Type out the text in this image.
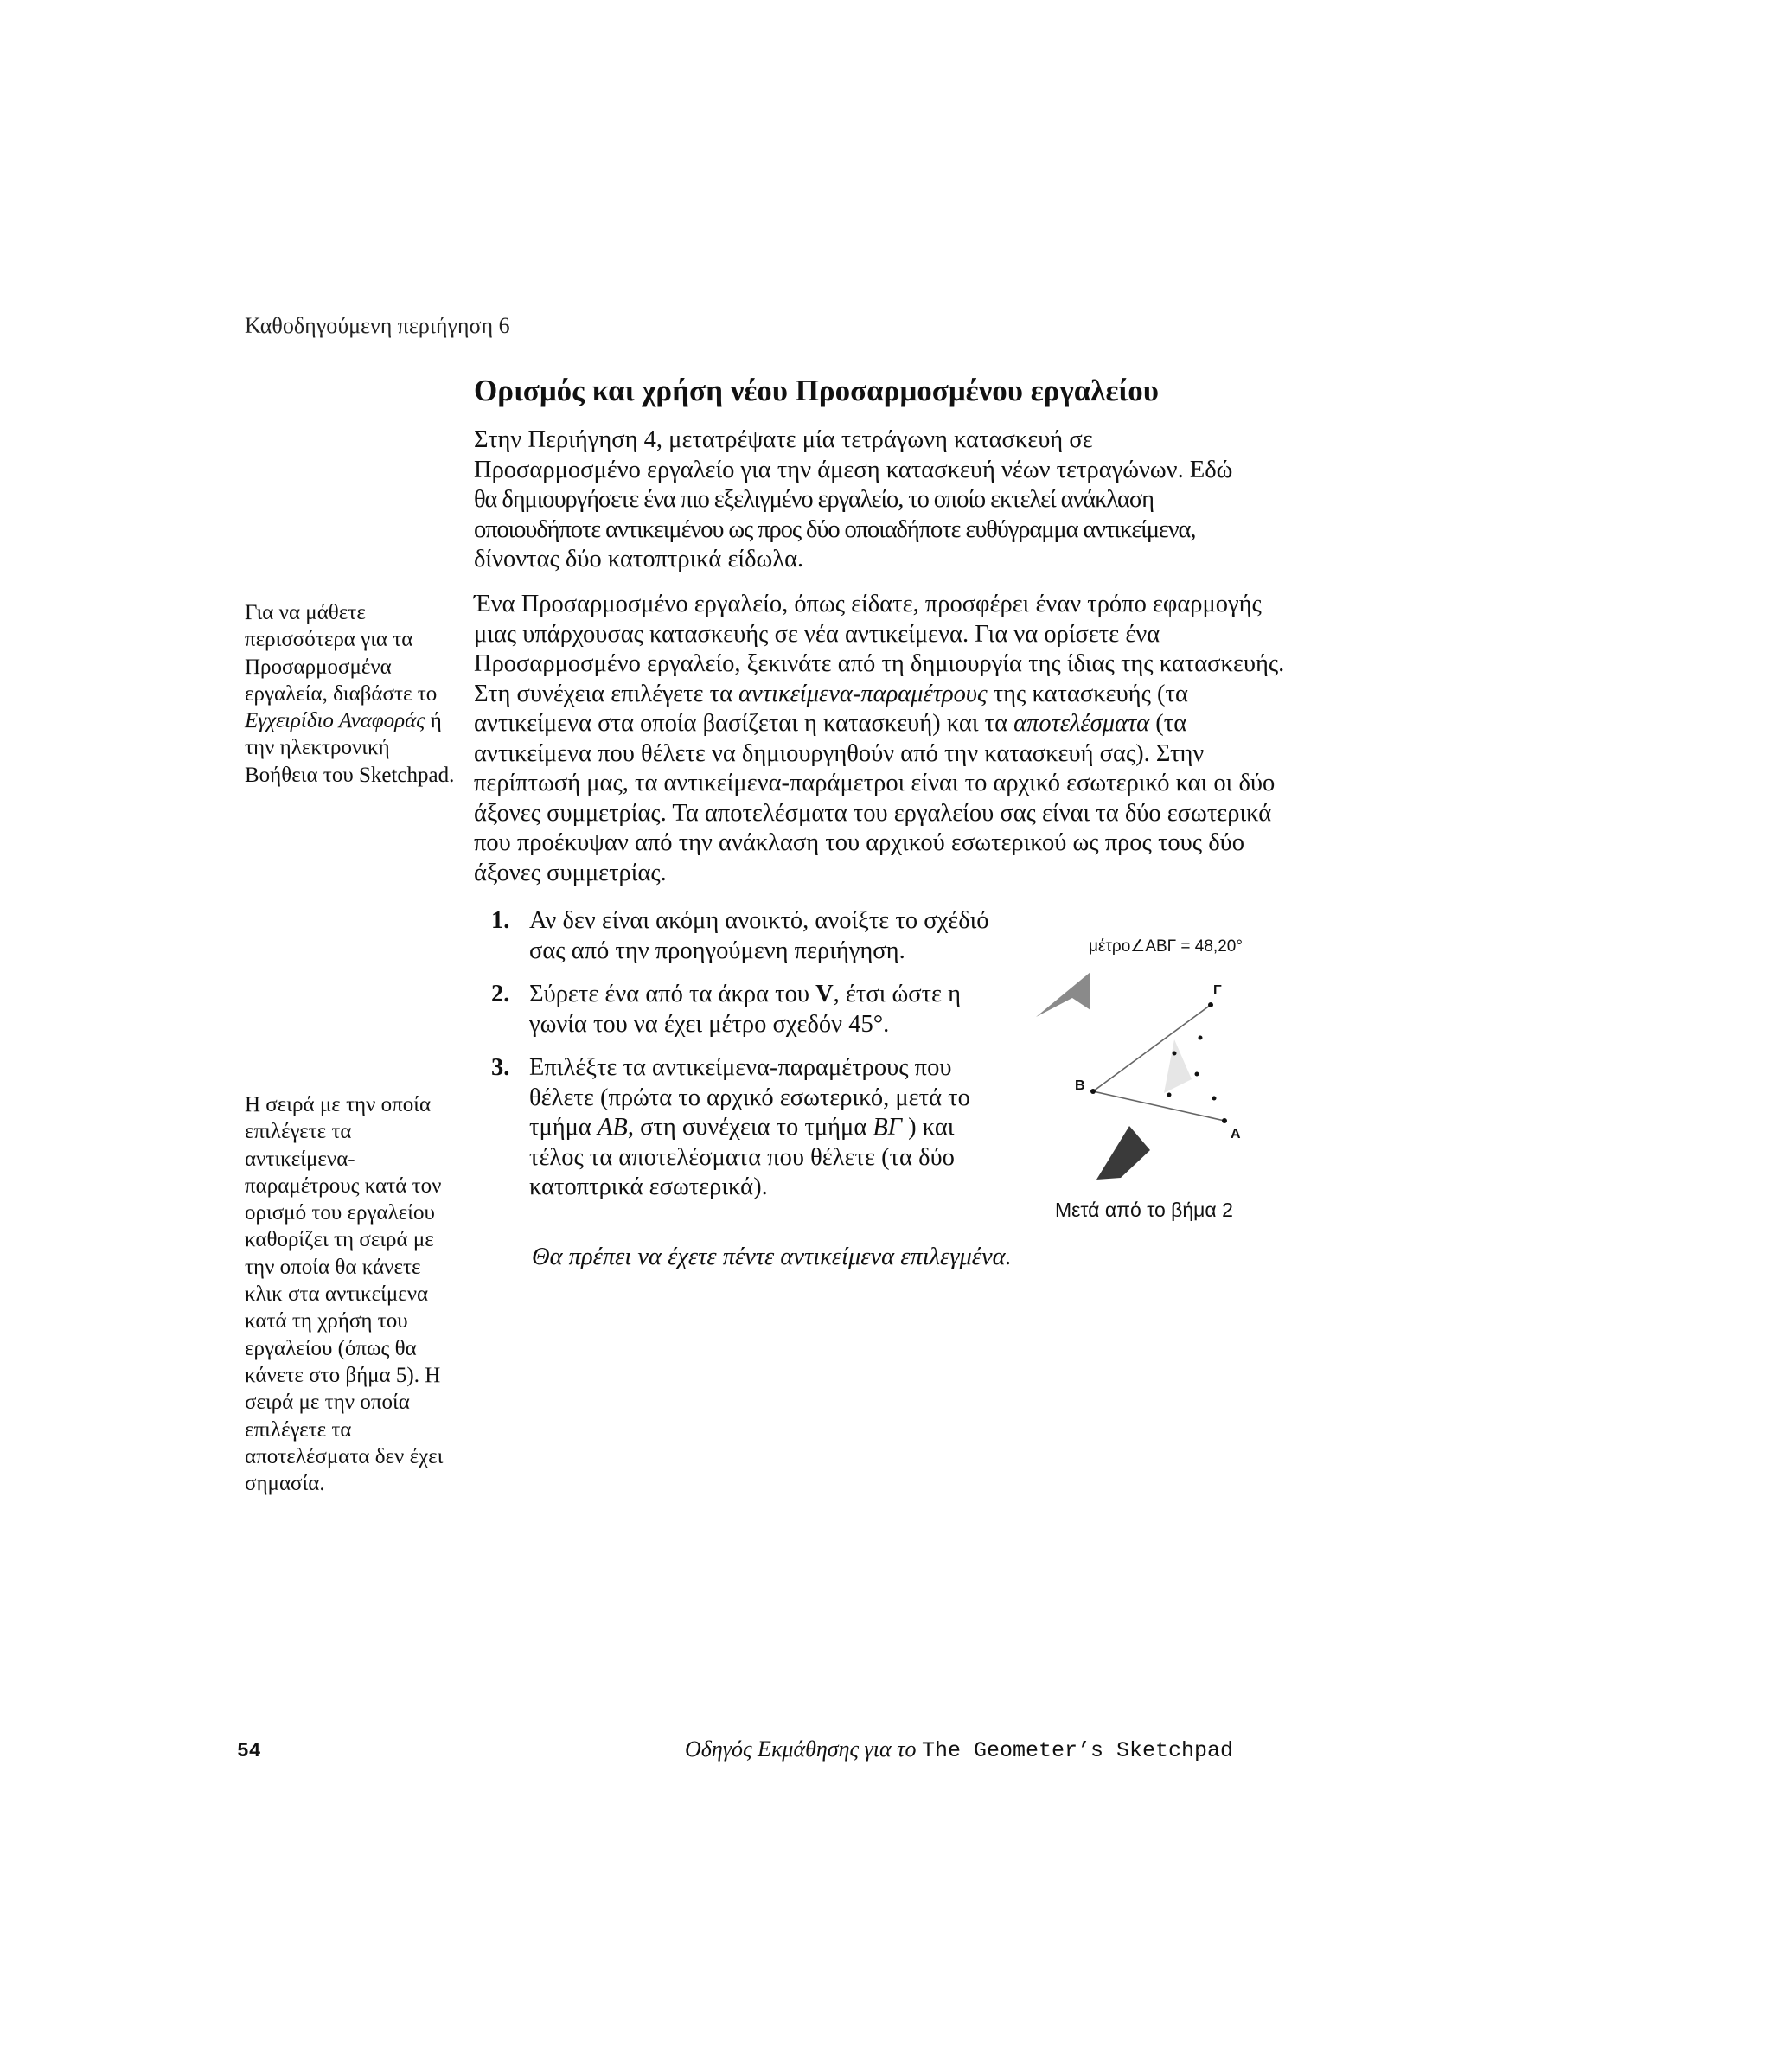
Καθοδηγούμενη περιήγηση 6
Ορισμός και χρήση νέου Προσαρμοσμένου εργαλείου
Στην Περιήγηση 4, μετατρέψατε μία τετράγωνη κατασκευή σε
Προσαρμοσμένο εργαλείο για την άμεση κατασκευή νέων τετραγώνων. Εδώ
θα δημιουργήσετε ένα πιο εξελιγμένο εργαλείο, το οποίο εκτελεί ανάκλαση
οποιουδήποτε αντικειμένου ως προς δύο οποιαδήποτε ευθύγραμμα αντικείμενα,
δίνοντας δύο κατοπτρικά είδωλα.

Ένα Προσαρμοσμένο εργαλείο, όπως είδατε, προσφέρει έναν τρόπο εφαρμογής μιας υπάρχουσας κατασκευής σε νέα αντικείμενα. Για να ορίσετε ένα Προσαρμοσμένο εργαλείο, ξεκινάτε από τη δημιουργία της ίδιας της κατασκευής. Στη συνέχεια επιλέγετε τα αντικείμενα-παραμέτρους της κατασκευής (τα αντικείμενα στα οποία βασίζεται η κατασκευή) και τα αποτελέσματα (τα αντικείμενα που θέλετε να δημιουργηθούν από την κατασκευή σας). Στην περίπτωσή μας, τα αντικείμενα-παράμετροι είναι το αρχικό εσωτερικό και οι δύο άξονες συμμετρίας. Τα αποτελέσματα του εργαλείου σας είναι τα δύο εσωτερικά που προέκυψαν από την ανάκλαση του αρχικού εσωτερικού ως προς τους δύο άξονες συμμετρίας.

Για να μάθετε περισσότερα για τα Προσαρμοσμένα εργαλεία, διαβάστε το Εγχειρίδιο Αναφοράς ή την ηλεκτρονική Βοήθεια του Sketchpad.

Η σειρά με την οποία επιλέγετε τα αντικείμενα-παραμέτρους κατά τον ορισμό του εργαλείου καθορίζει τη σειρά με την οποία θα κάνετε κλικ στα αντικείμενα κατά τη χρήση του εργαλείου (όπως θα κάνετε στο βήμα 5). Η σειρά με την οποία επιλέγετε τα αποτελέσματα δεν έχει σημασία.

1. Αν δεν είναι ακόμη ανοικτό, ανοίξτε το σχέδιό σας από την προηγούμενη περιήγηση.
2. Σύρετε ένα από τα άκρα του V, έτσι ώστε η γωνία του να έχει μέτρο σχεδόν 45°.
3. Επιλέξτε τα αντικείμενα-παραμέτρους που θέλετε (πρώτα το αρχικό εσωτερικό, μετά το τμήμα ΑΒ, στη συνέχεια το τμήμα ΒΓ ) και τέλος τα αποτελέσματα που θέλετε (τα δύο κατοπτρικά εσωτερικά).
Θα πρέπει να έχετε πέντε αντικείμενα επιλεγμένα.
μέτρο∠ΑΒΓ = 48,20°
Γ
Β
Α
Μετά από το βήμα 2
54	Οδηγός Εκμάθησης για το The Geometer’s Sketchpad
